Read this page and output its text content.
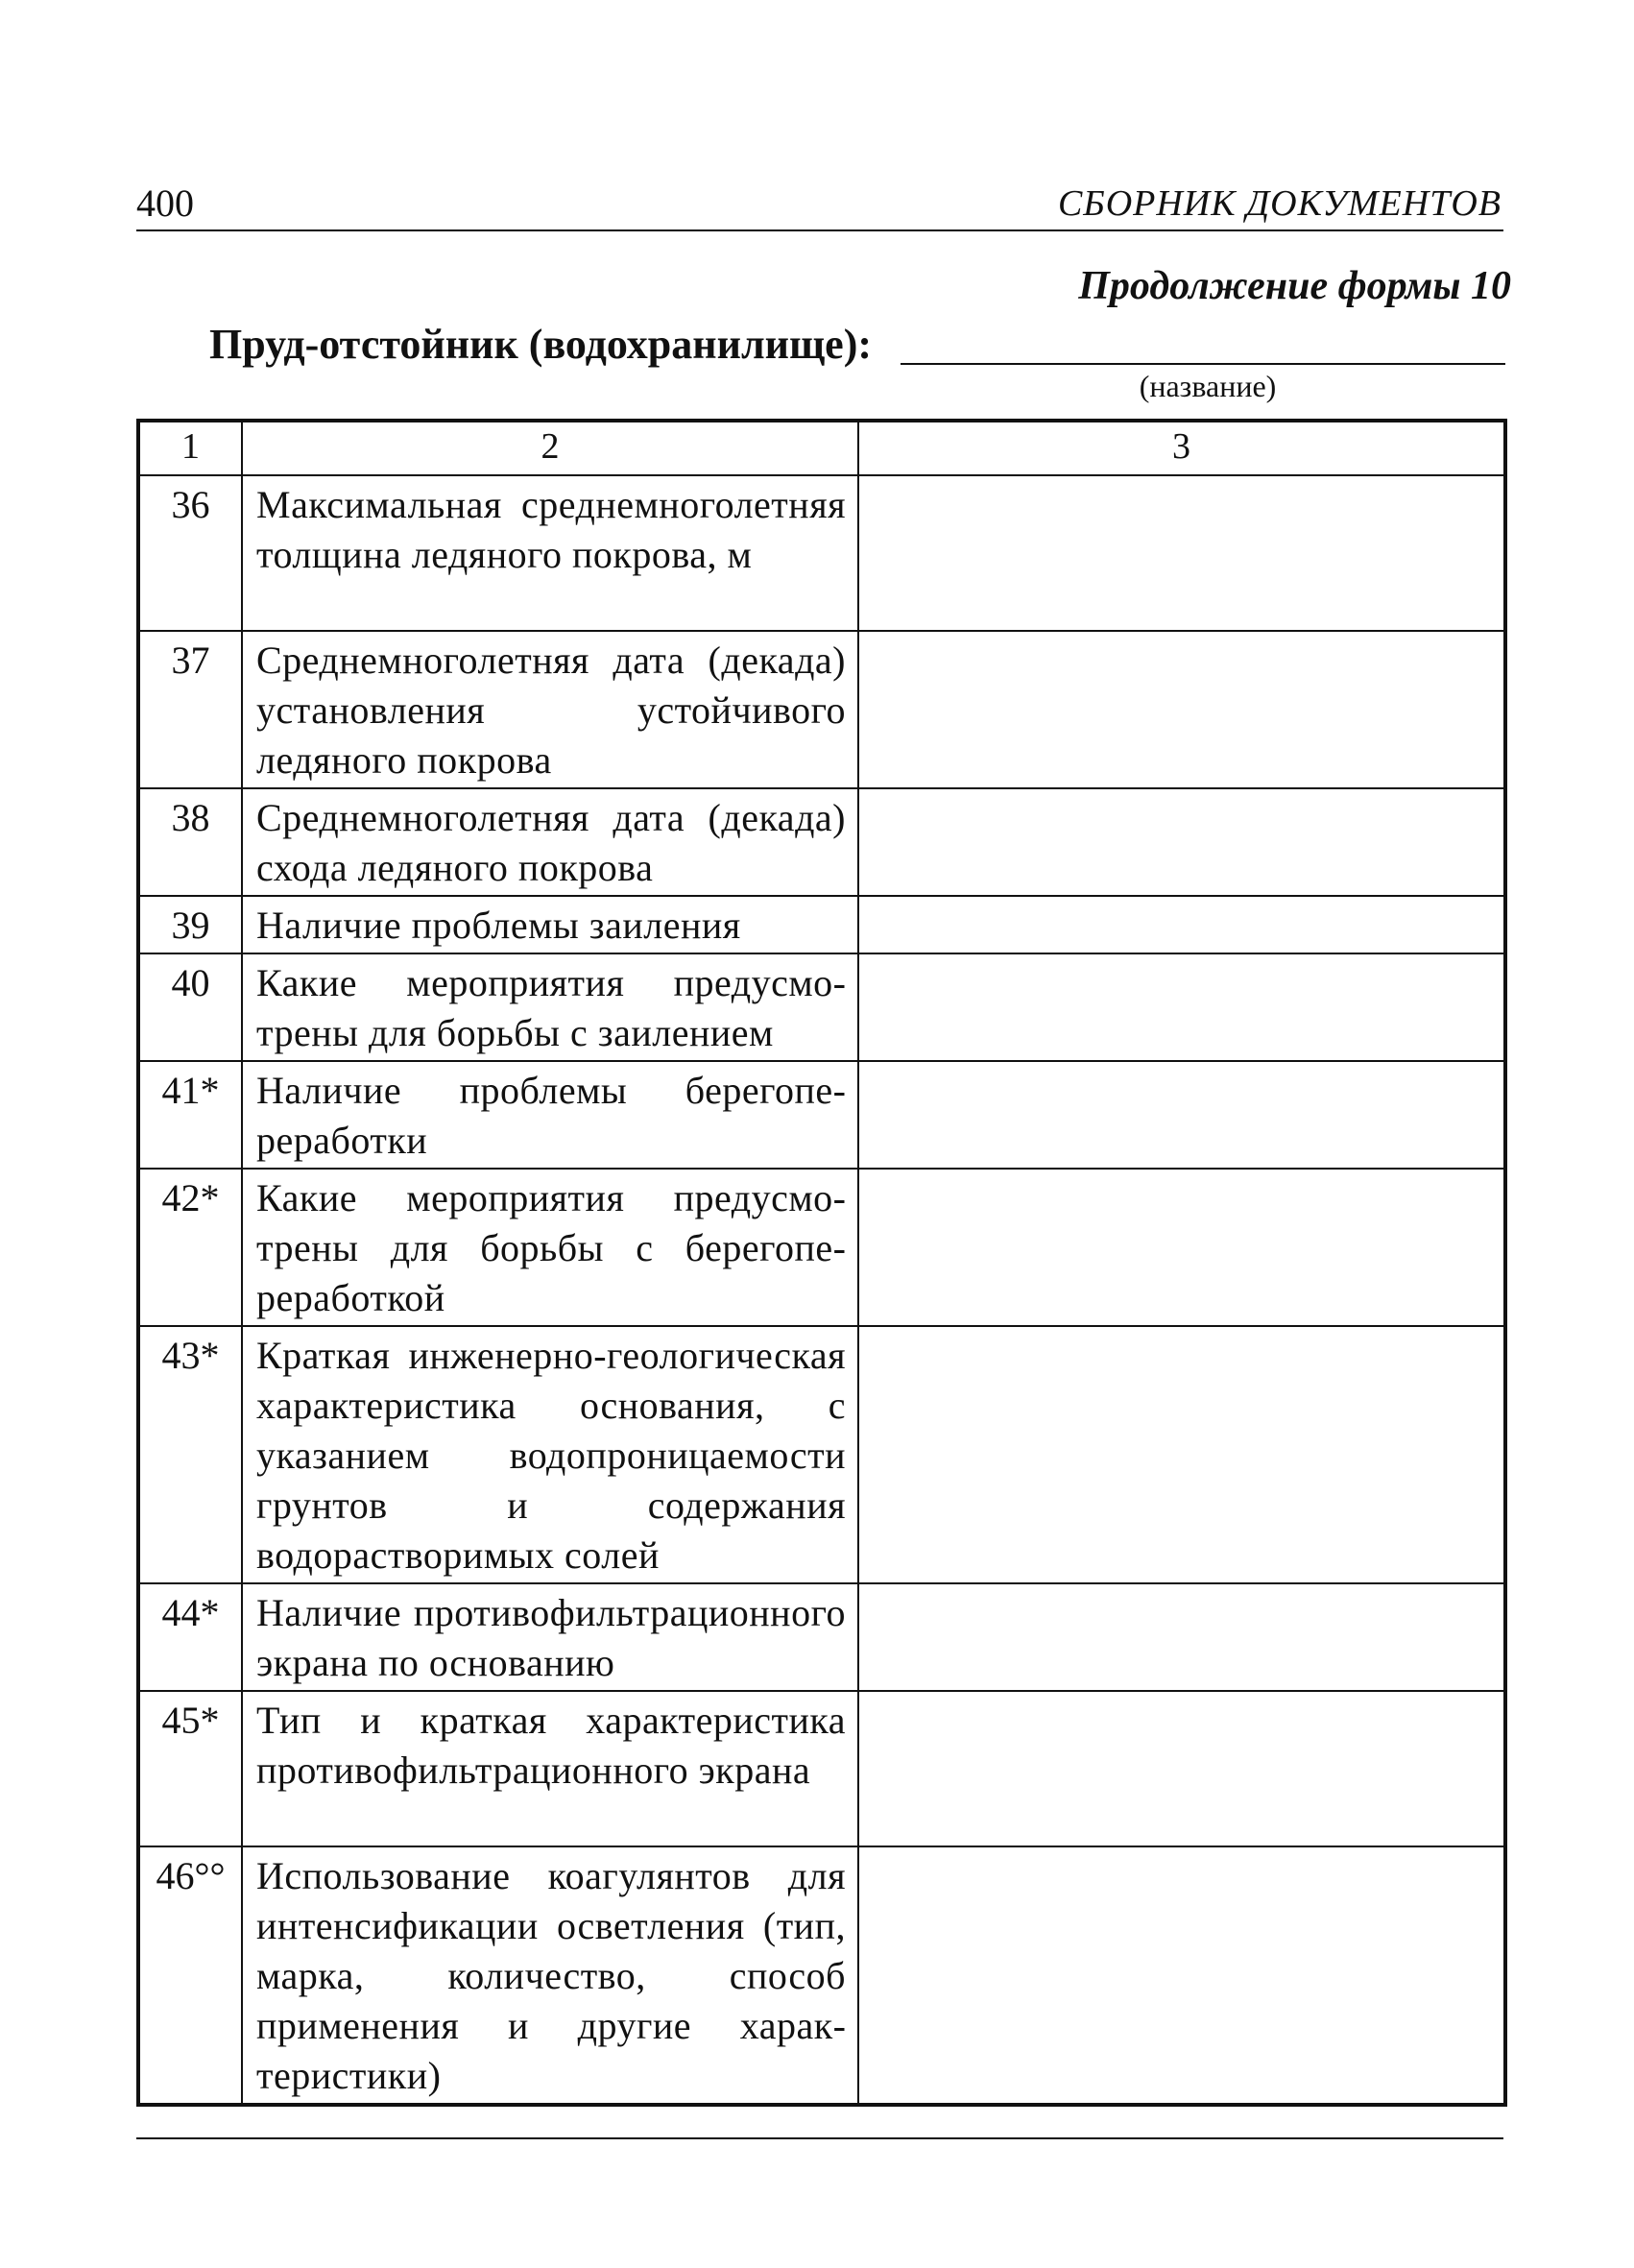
400	СБОРНИК ДОКУМЕНТОВ
Продолжение формы 10
Пруд-отстойник (водохранилище):
(название)
1	2	3
36	Максимальная среднемноголетняя толщина ледяного покрова, м	
37	Среднемноголетняя дата (декада) установления устойчивого ледяного покрова	
38	Среднемноголетняя дата (декада) схода ледяного покрова	
39	Наличие проблемы заиления	
40	Какие мероприятия предусмотрены для борьбы с заилением	
41*	Наличие проблемы берегопереработки	
42*	Какие мероприятия предусмотрены для борьбы с берегопереработкой	
43*	Краткая инженерно-геологическая характеристика основания, с указанием водопроницаемости грунтов и содержания водорастворимых солей	
44*	Наличие противофильтрационного экрана по основанию	
45*	Тип и краткая характеристика противофильтрационного экрана	
46°°	Использование коагулянтов для интенсификации осветления (тип, марка, количество, способ применения и другие характеристики)	
